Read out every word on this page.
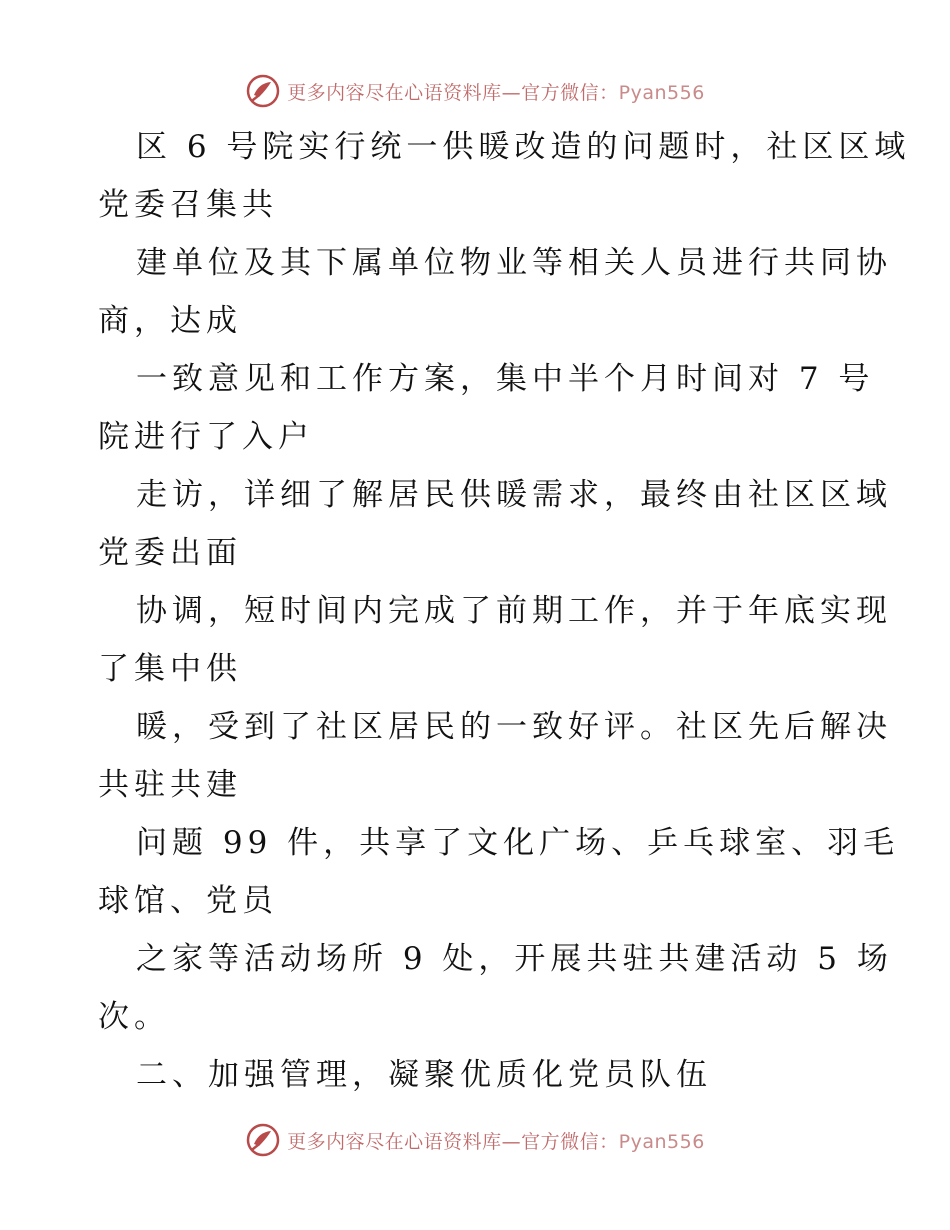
更多内容尽在心语资料库—官方微信：Pyan556
区 6 号院实行统一供暖改造的问题时，社区区域
党委召集共
建单位及其下属单位物业等相关人员进行共同协
商，达成
一致意见和工作方案，集中半个月时间对 7 号
院进行了入户
走访，详细了解居民供暖需求，最终由社区区域
党委出面
协调，短时间内完成了前期工作，并于年底实现
了集中供
暖，受到了社区居民的一致好评。社区先后解决
共驻共建
问题 99 件，共享了文化广场、乒乓球室、羽毛
球馆、党员
之家等活动场所 9 处，开展共驻共建活动 5 场
次。
二、加强管理，凝聚优质化党员队伍
更多内容尽在心语资料库—官方微信：Pyan556
